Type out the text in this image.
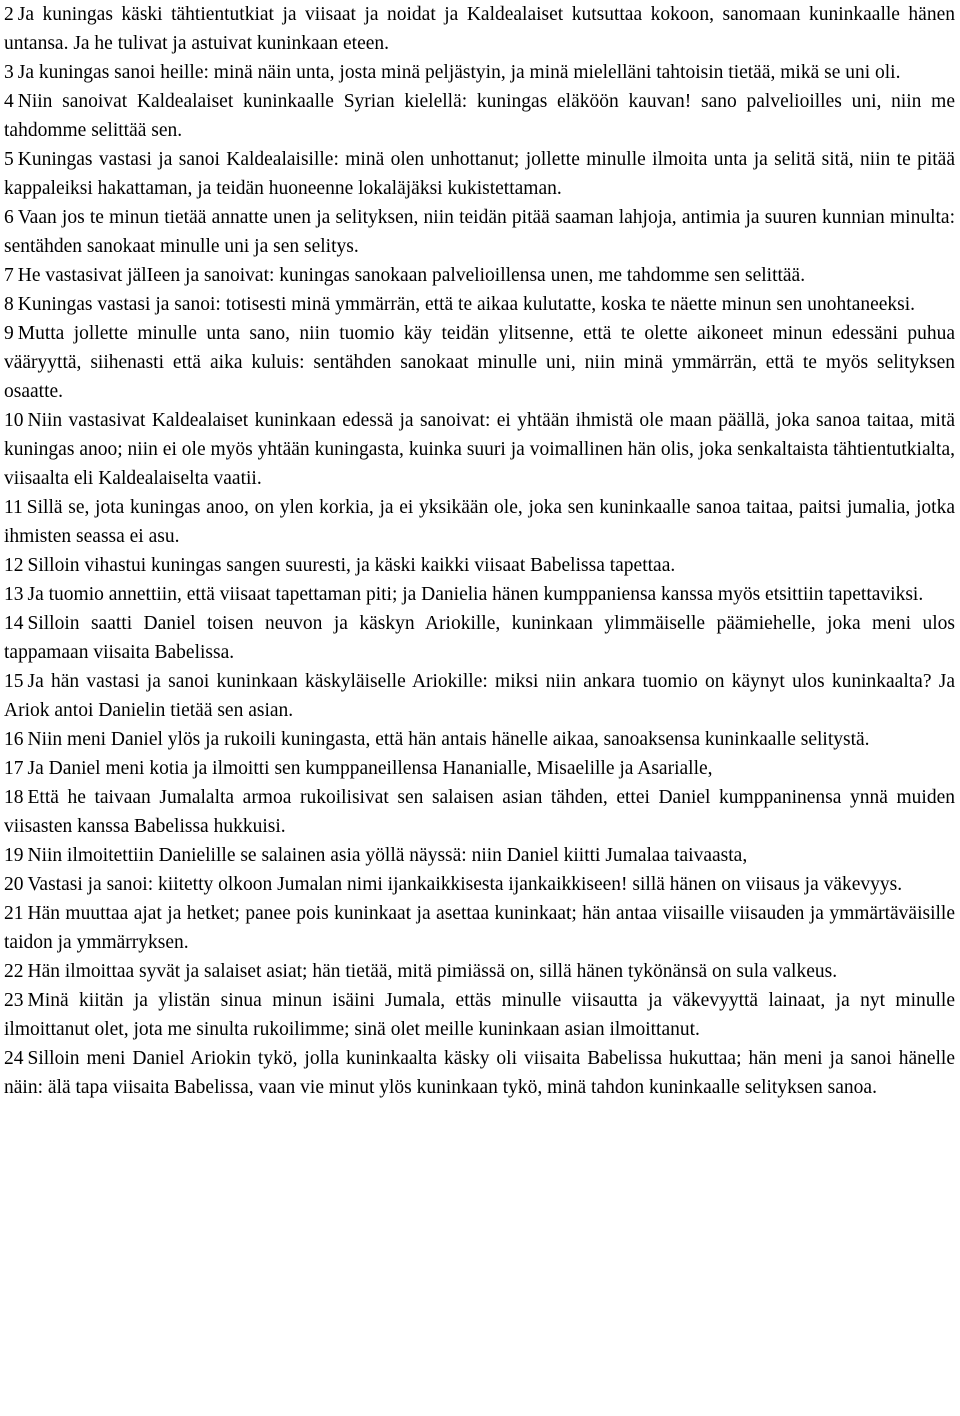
2 Ja kuningas käski tähtientutkiat ja viisaat ja noidat ja Kaldealaiset kutsuttaa kokoon, sanomaan kuninkaalle hänen untansa. Ja he tulivat ja astuivat kuninkaan eteen.

3 Ja kuningas sanoi heille: minä näin unta, josta minä peljästyin, ja minä mielelläni tahtoisin tietää, mikä se uni oli.

4 Niin sanoivat Kaldealaiset kuninkaalle Syrian kielellä: kuningas eläköön kauvan! sano palvelioilles uni, niin me tahdomme selittää sen.

5 Kuningas vastasi ja sanoi Kaldealaisille: minä olen unhottanut; jollette minulle ilmoita unta ja selitä sitä, niin te pitää kappaleiksi hakattaman, ja teidän huoneenne lokaläjäksi kukistettaman.

6 Vaan jos te minun tietää annatte unen ja selityksen, niin teidän pitää saaman lahjoja, antimia ja suuren kunnian minulta: sentähden sanokaat minulle uni ja sen selitys.

7 He vastasivat jälIeen ja sanoivat: kuningas sanokaan palvelioillensa unen, me tahdomme sen selittää.

8 Kuningas vastasi ja sanoi: totisesti minä ymmärrän, että te aikaa kulutatte, koska te näette minun sen unohtaneeksi.

9 Mutta jollette minulle unta sano, niin tuomio käy teidän ylitsenne, että te olette aikoneet minun edessäni puhua vääryyttä, siihenasti että aika kuluis: sentähden sanokaat minulle uni, niin minä ymmärrän, että te myös selityksen osaatte.

10 Niin vastasivat Kaldealaiset kuninkaan edessä ja sanoivat: ei yhtään ihmistä ole maan päällä, joka sanoa taitaa, mitä kuningas anoo; niin ei ole myös yhtään kuningasta, kuinka suuri ja voimallinen hän olis, joka senkaltaista tähtientutkialta, viisaalta eli Kaldealaiselta vaatii.

11 Sillä se, jota kuningas anoo, on ylen korkia, ja ei yksikään ole, joka sen kuninkaalle sanoa taitaa, paitsi jumalia, jotka ihmisten seassa ei asu.

12 Silloin vihastui kuningas sangen suuresti, ja käski kaikki viisaat Babelissa tapettaa.

13 Ja tuomio annettiin, että viisaat tapettaman piti; ja Danielia hänen kumppaniensa kanssa myös etsittiin tapettaviksi.

14 Silloin saatti Daniel toisen neuvon ja käskyn Ariokille, kuninkaan ylimmäiselle päämiehelle, joka meni ulos tappamaan viisaita Babelissa.

15 Ja hän vastasi ja sanoi kuninkaan käskyläiselle Ariokille: miksi niin ankara tuomio on käynyt ulos kuninkaalta? Ja Ariok antoi Danielin tietää sen asian.

16 Niin meni Daniel ylös ja rukoili kuningasta, että hän antais hänelle aikaa, sanoaksensa kuninkaalle selitystä.

17 Ja Daniel meni kotia ja ilmoitti sen kumppaneillensa Hananialle, Misaelille ja Asarialle,

18 Että he taivaan Jumalalta armoa rukoilisivat sen salaisen asian tähden, ettei Daniel kumppaninensa ynnä muiden viisasten kanssa Babelissa hukkuisi.

19 Niin ilmoitettiin Danielille se salainen asia yöllä näyssä: niin Daniel kiitti Jumalaa taivaasta,

20 Vastasi ja sanoi: kiitetty olkoon Jumalan nimi ijankaikkisesta ijankaikkiseen! sillä hänen on viisaus ja väkevyys.

21 Hän muuttaa ajat ja hetket; panee pois kuninkaat ja asettaa kuninkaat; hän antaa viisaille viisauden ja ymmärtäväisille taidon ja ymmärryksen.

22 Hän ilmoittaa syvät ja salaiset asiat; hän tietää, mitä pimiässä on, sillä hänen tykönänsä on sula valkeus.

23 Minä kiitän ja ylistän sinua minun isäini Jumala, ettäs minulle viisautta ja väkevyyttä lainaat, ja nyt minulle ilmoittanut olet, jota me sinulta rukoilimme; sinä olet meille kuninkaan asian ilmoittanut.

24 Silloin meni Daniel Ariokin tykö, jolla kuninkaalta käsky oli viisaita Babelissa hukuttaa; hän meni ja sanoi hänelle näin: älä tapa viisaita Babelissa, vaan vie minut ylös kuninkaan tykö, minä tahdon kuninkaalle selityksen sanoa.
